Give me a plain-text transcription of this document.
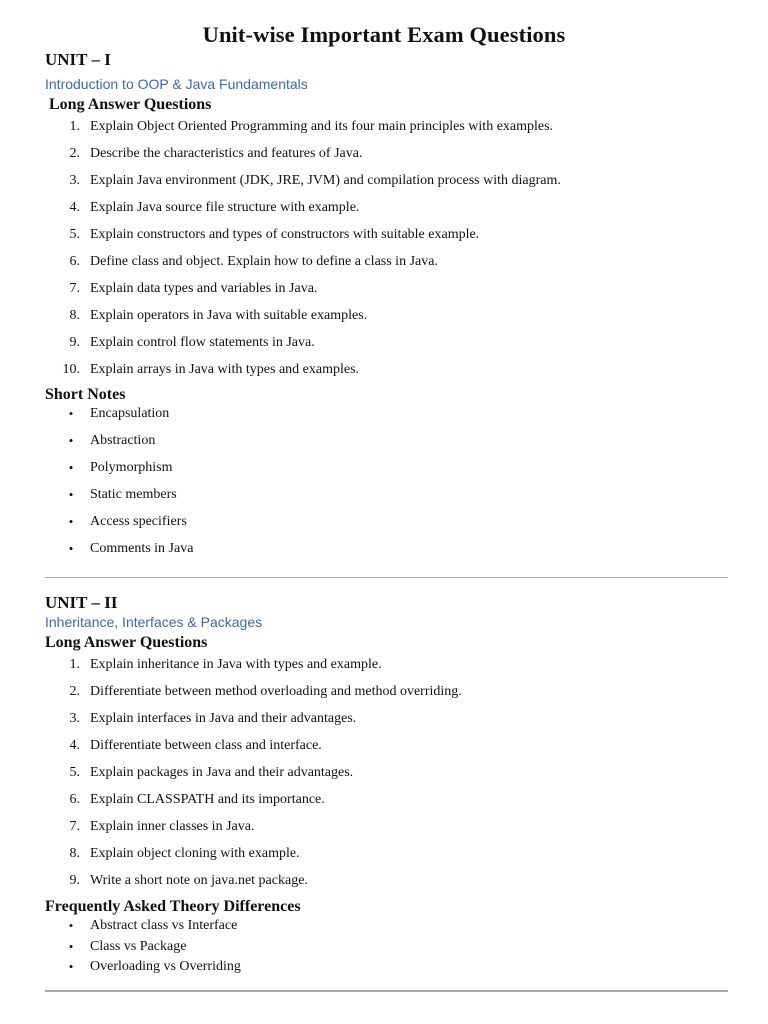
Unit-wise Important Exam Questions
UNIT – I
Introduction to OOP & Java Fundamentals
Long Answer Questions
1. Explain Object Oriented Programming and its four main principles with examples.
2. Describe the characteristics and features of Java.
3. Explain Java environment (JDK, JRE, JVM) and compilation process with diagram.
4. Explain Java source file structure with example.
5. Explain constructors and types of constructors with suitable example.
6. Define class and object. Explain how to define a class in Java.
7. Explain data types and variables in Java.
8. Explain operators in Java with suitable examples.
9. Explain control flow statements in Java.
10. Explain arrays in Java with types and examples.
Short Notes
• Encapsulation
• Abstraction
• Polymorphism
• Static members
• Access specifiers
• Comments in Java
UNIT – II
Inheritance, Interfaces & Packages
Long Answer Questions
1. Explain inheritance in Java with types and example.
2. Differentiate between method overloading and method overriding.
3. Explain interfaces in Java and their advantages.
4. Differentiate between class and interface.
5. Explain packages in Java and their advantages.
6. Explain CLASSPATH and its importance.
7. Explain inner classes in Java.
8. Explain object cloning with example.
9. Write a short note on java.net package.
Frequently Asked Theory Differences
• Abstract class vs Interface
• Class vs Package
• Overloading vs Overriding
